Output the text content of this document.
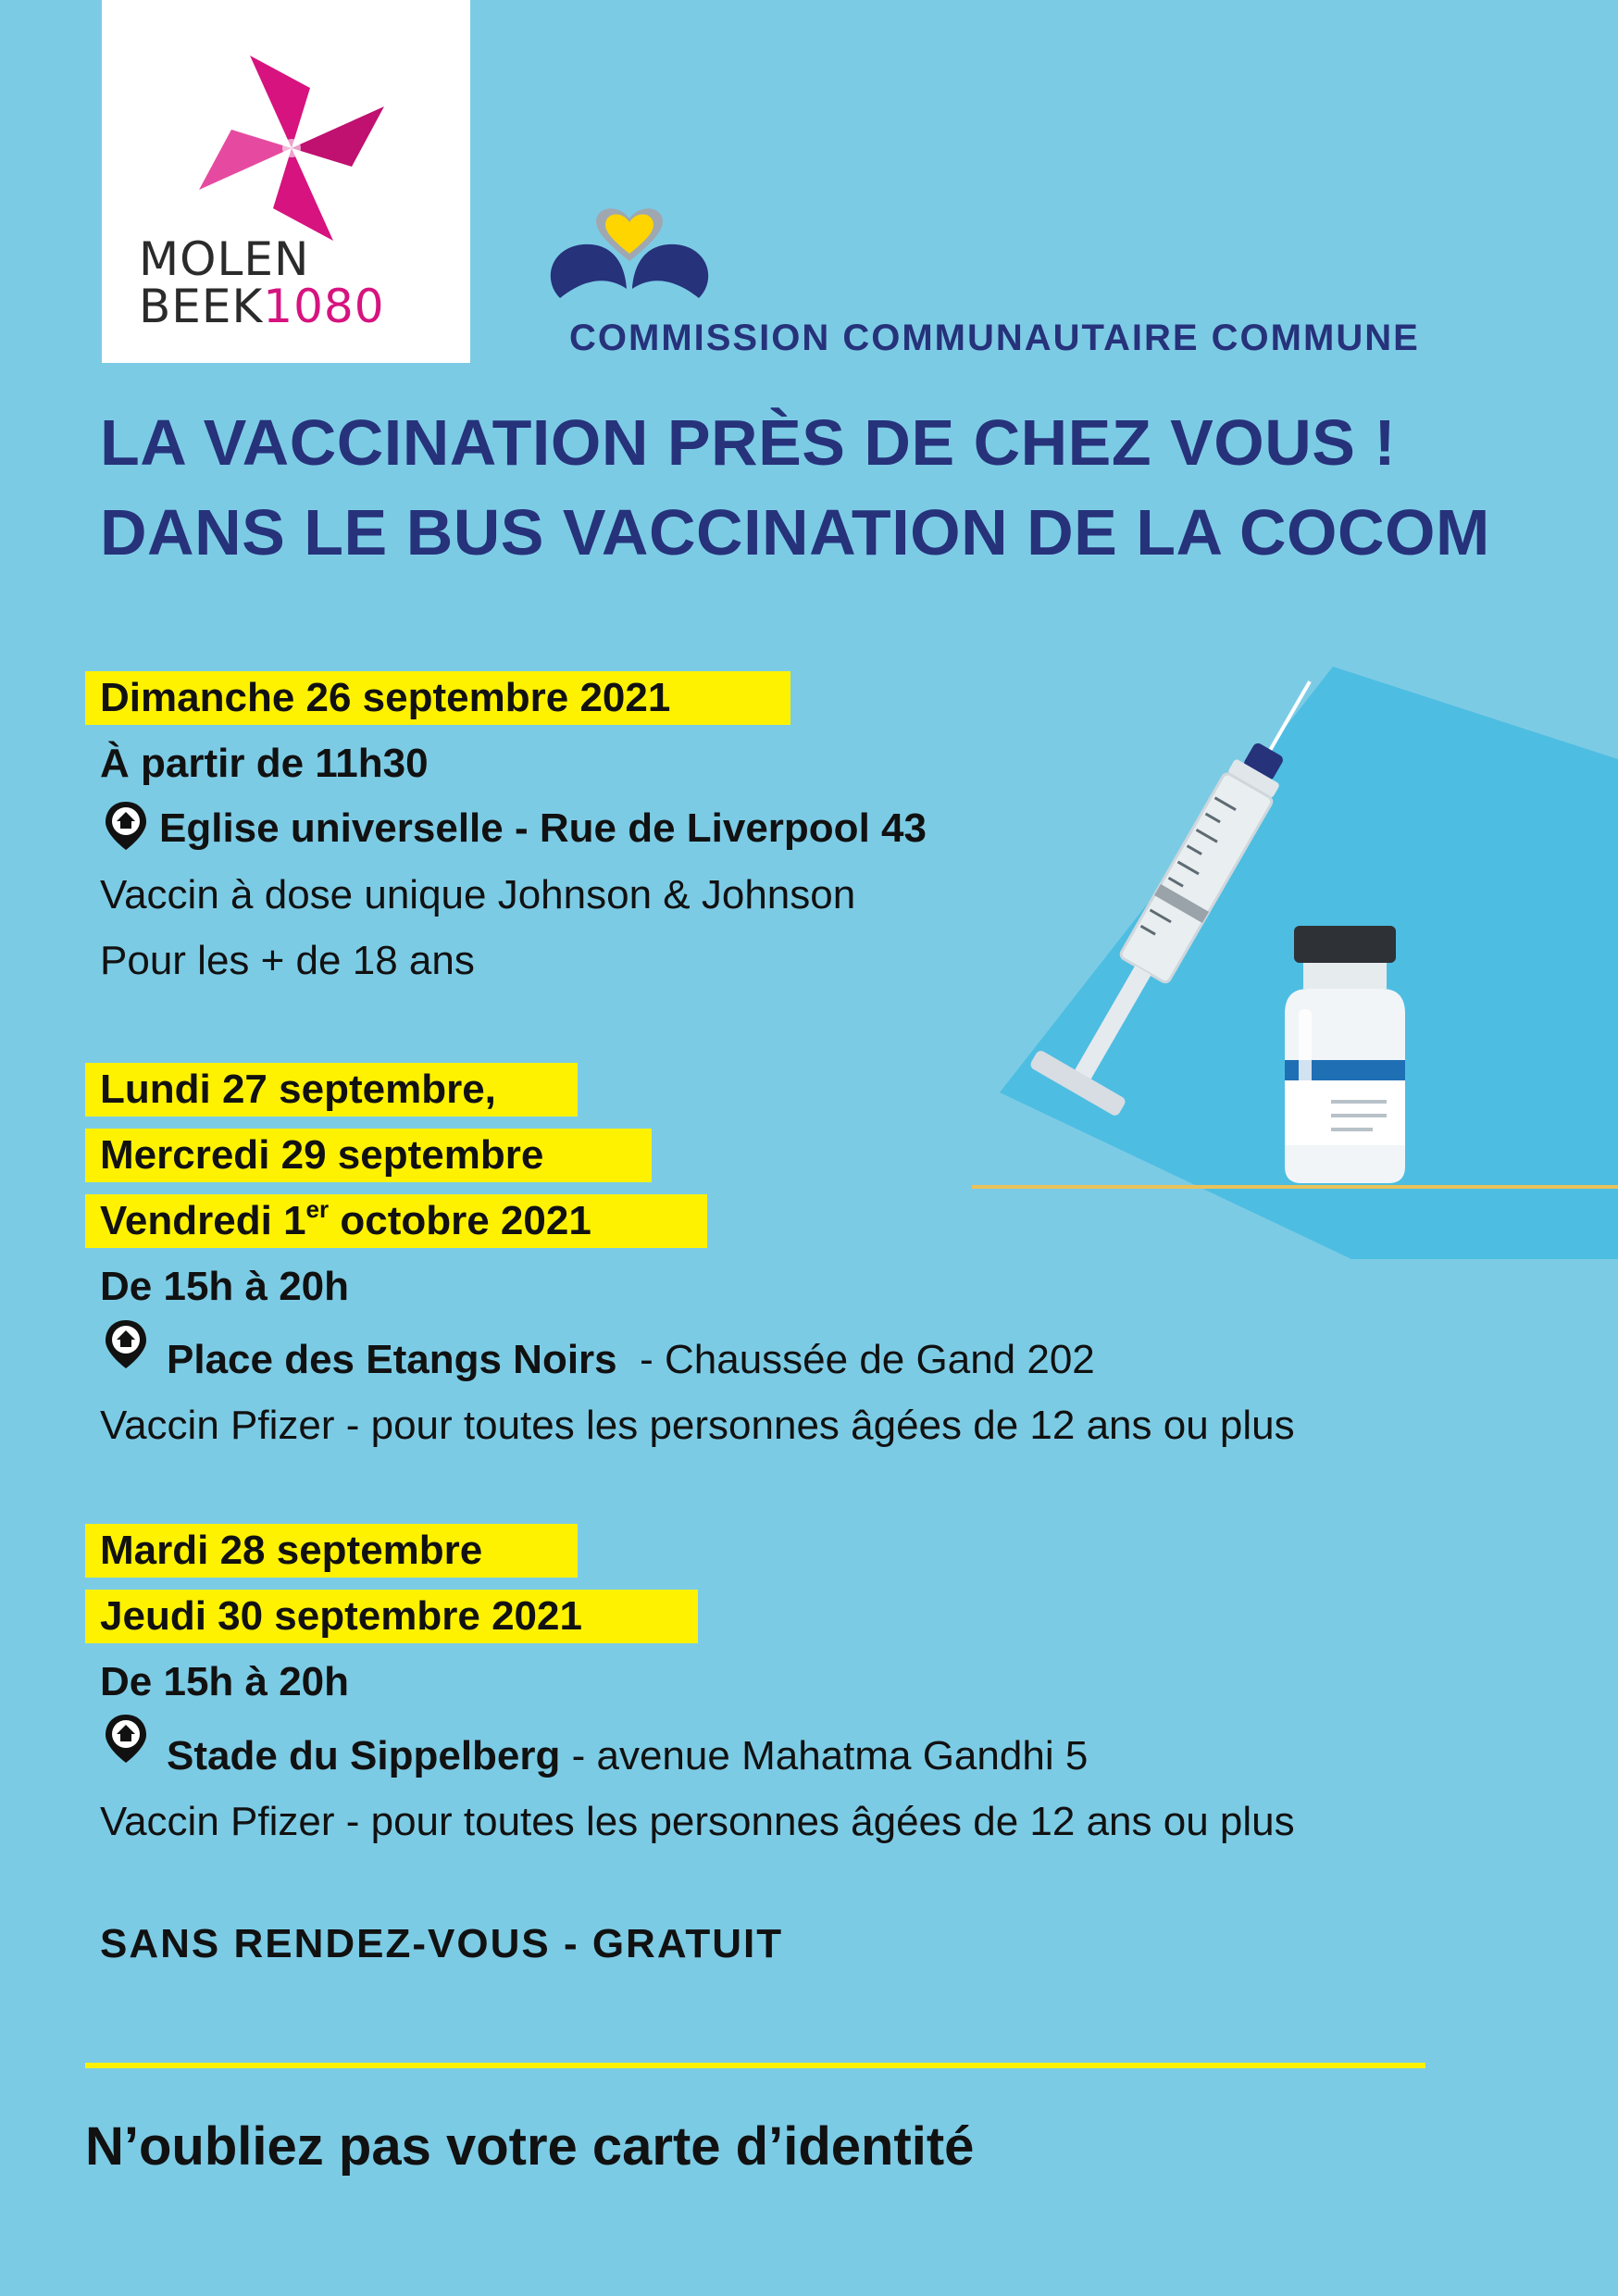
MOLEN
BEEK1080
COMMISSION COMMUNAUTAIRE COMMUNE
LA VACCINATION PRÈS DE CHEZ VOUS !
DANS LE BUS VACCINATION DE LA COCOM
Dimanche 26 septembre 2021
À partir de 11h30
Eglise universelle - Rue de Liverpool 43
Vaccin à dose unique Johnson & Johnson
Pour les + de 18 ans
Lundi 27 septembre,
Mercredi 29 septembre
Vendredi 1er octobre 2021
De 15h à 20h
Place des Etangs Noirs  - Chaussée de Gand 202
Vaccin Pfizer - pour toutes les personnes âgées de 12 ans ou plus
Mardi 28 septembre
Jeudi 30 septembre 2021
De 15h à 20h
Stade du Sippelberg - avenue Mahatma Gandhi 5
Vaccin Pfizer - pour toutes les personnes âgées de 12 ans ou plus
SANS RENDEZ-VOUS - GRATUIT
N’oubliez pas votre carte d’identité
